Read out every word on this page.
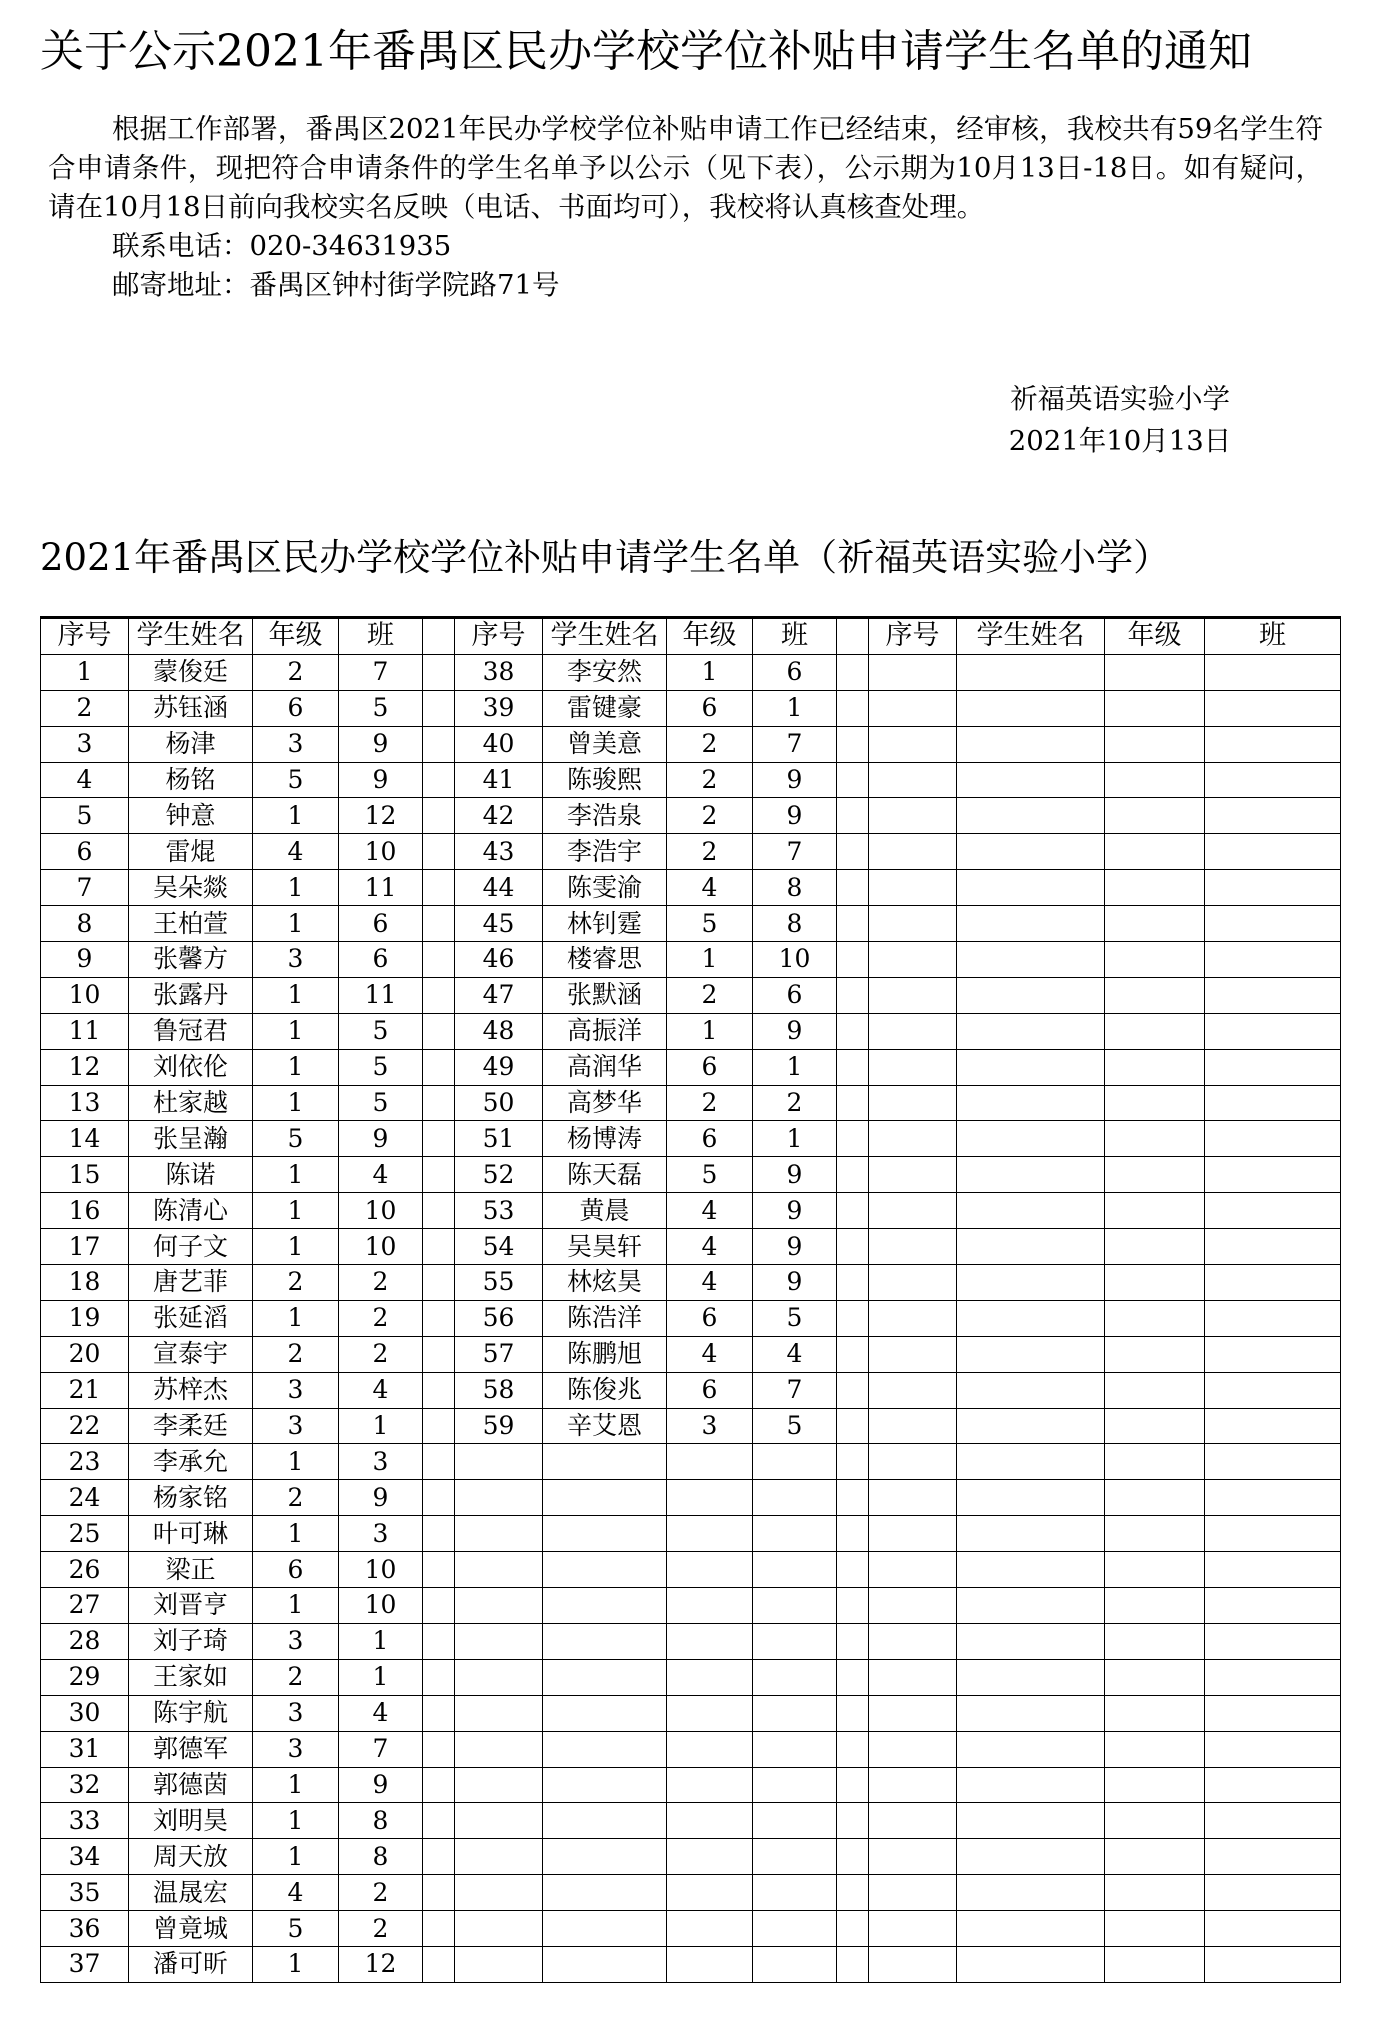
关于公示2021年番禺区民办学校学位补贴申请学生名单的通知

根据工作部署，番禺区2021年民办学校学位补贴申请工作已经结束，经审核，我校共有59名学生符合申请条件，现把符合申请条件的学生名单予以公示（见下表），公示期为10月13日-18日。如有疑问，请在10月18日前向我校实名反映（电话、书面均可），我校将认真核查处理。

联系电话：020-34631935

邮寄地址：番禺区钟村街学院路71号

祈福英语实验小学
2021年10月13日
2021年番禺区民办学校学位补贴申请学生名单（祈福英语实验小学）
序号	学生姓名	年级	班		序号	学生姓名	年级	班		序号	学生姓名	年级	班
1	蒙俊廷	2	7		38	李安然	1	6					
2	苏钰涵	6	5		39	雷键豪	6	1					
3	杨津	3	9		40	曾美意	2	7					
4	杨铭	5	9		41	陈骏熙	2	9					
5	钟意	1	12		42	李浩泉	2	9					
6	雷焜	4	10		43	李浩宇	2	7					
7	吴朵燚	1	11		44	陈雯渝	4	8					
8	王柏萱	1	6		45	林钊霆	5	8					
9	张馨方	3	6		46	楼睿思	1	10					
10	张露丹	1	11		47	张默涵	2	6					
11	鲁冠君	1	5		48	高振洋	1	9					
12	刘依伦	1	5		49	高润华	6	1					
13	杜家越	1	5		50	高梦华	2	2					
14	张呈瀚	5	9		51	杨博涛	6	1					
15	陈诺	1	4		52	陈天磊	5	9					
16	陈清心	1	10		53	黄晨	4	9					
17	何子文	1	10		54	吴昊轩	4	9					
18	唐艺菲	2	2		55	林炫昊	4	9					
19	张延滔	1	2		56	陈浩洋	6	5					
20	宣泰宇	2	2		57	陈鹏旭	4	4					
21	苏梓杰	3	4		58	陈俊兆	6	7					
22	李柔廷	3	1		59	辛艾恩	3	5					
23	李承允	1	3										
24	杨家铭	2	9										
25	叶可琳	1	3										
26	梁正	6	10										
27	刘晋亨	1	10										
28	刘子琦	3	1										
29	王家如	2	1										
30	陈宇航	3	4										
31	郭德军	3	7										
32	郭德茵	1	9										
33	刘明昊	1	8										
34	周天放	1	8										
35	温晟宏	4	2										
36	曾竟城	5	2										
37	潘可昕	1	12										
